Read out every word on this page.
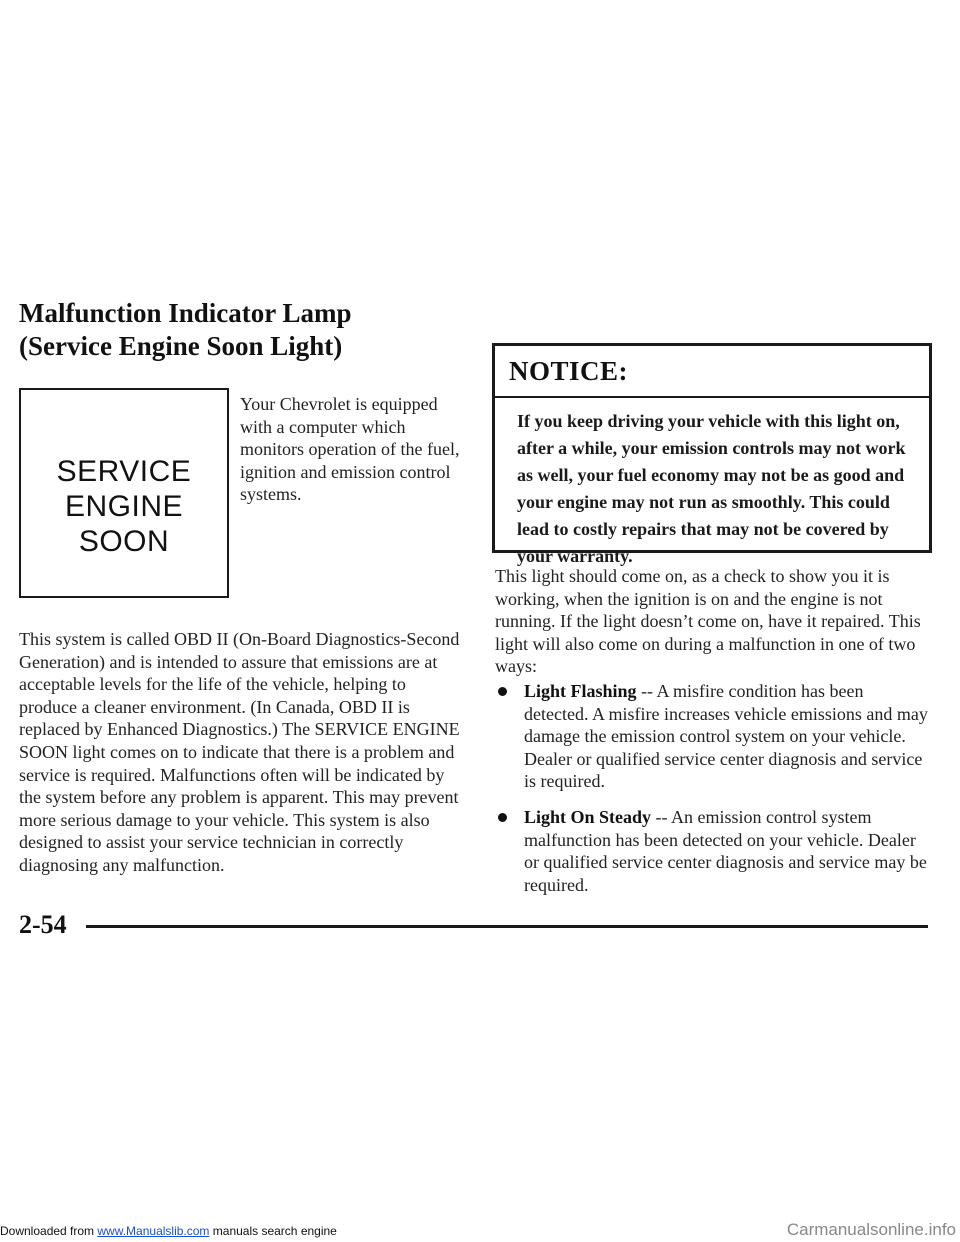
Malfunction Indicator Lamp
(Service Engine Soon Light)
SERVICE
ENGINE
SOON
Your Chevrolet is equipped with a computer which monitors operation of the fuel, ignition and emission control systems.
This system is called OBD II (On-Board Diagnostics-Second Generation) and is intended to assure that emissions are at acceptable levels for the life of the vehicle, helping to produce a cleaner environment. (In Canada, OBD II is replaced by Enhanced Diagnostics.) The SERVICE ENGINE SOON light comes on to indicate that there is a problem and service is required. Malfunctions often will be indicated by the system before any problem is apparent. This may prevent more serious damage to your vehicle. This system is also designed to assist your service technician in correctly diagnosing any malfunction.
NOTICE:
If you keep driving your vehicle with this light on, after a while, your emission controls may not work as well, your fuel economy may not be as good and your engine may not run as smoothly. This could lead to costly repairs that may not be covered by your warranty.
This light should come on, as a check to show you it is working, when the ignition is on and the engine is not running. If the light doesn’t come on, have it repaired. This light will also come on during a malfunction in one of two ways:
Light Flashing -- A misfire condition has been detected. A misfire increases vehicle emissions and may damage the emission control system on your vehicle. Dealer or qualified service center diagnosis and service is required.
Light On Steady -- An emission control system malfunction has been detected on your vehicle. Dealer or qualified service center diagnosis and service may be required.
2-54
Downloaded from www.Manualslib.com manuals search engine	Carmanualsonline.info
